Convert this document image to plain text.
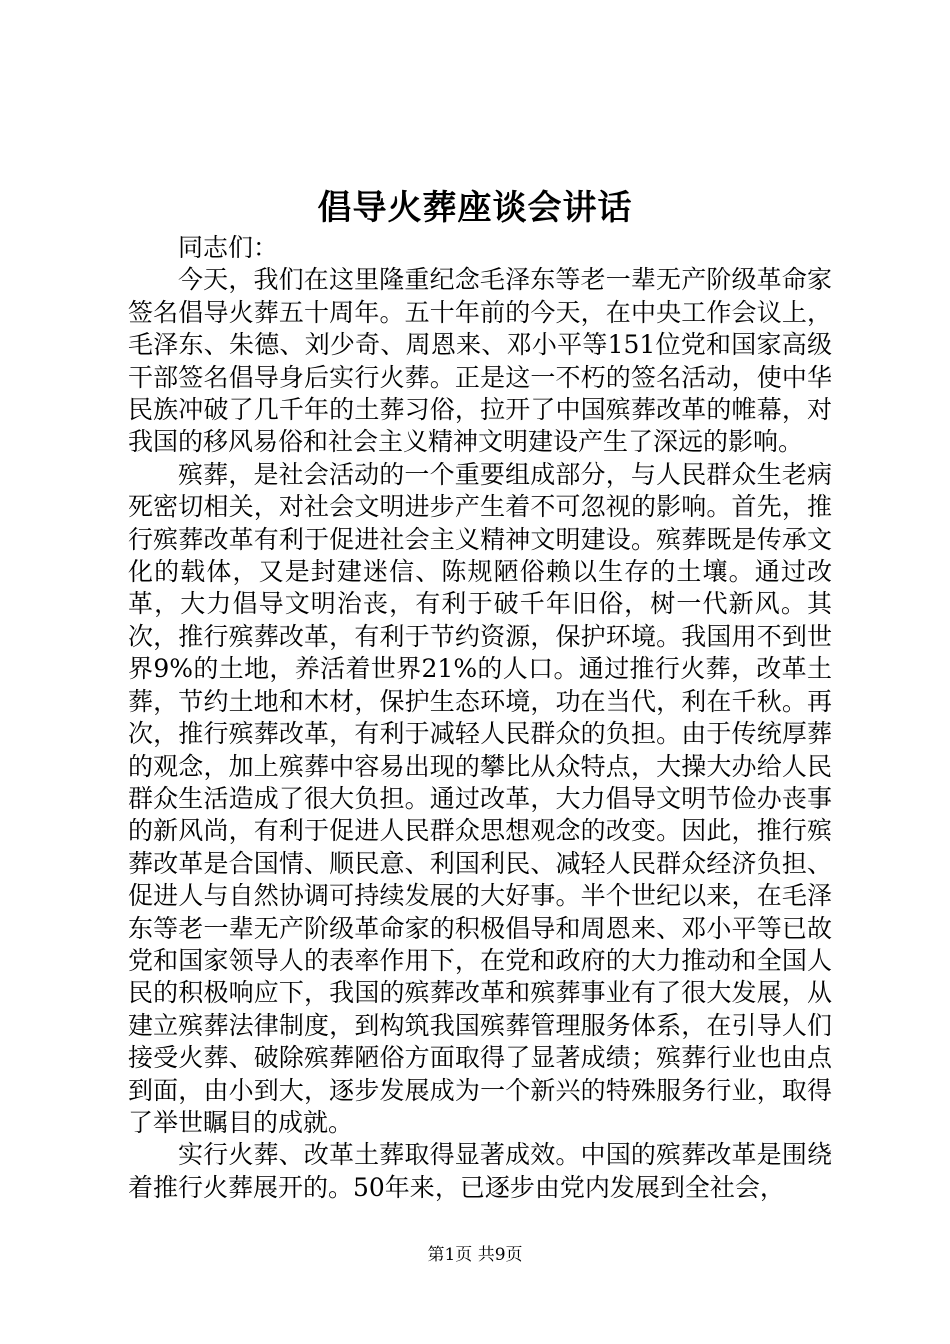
倡导火葬座谈会讲话

同志们：

今天，我们在这里隆重纪念毛泽东等老一辈无产阶级革命家签名倡导火葬五十周年。五十年前的今天，在中央工作会议上，毛泽东、朱德、刘少奇、周恩来、邓小平等151位党和国家高级干部签名倡导身后实行火葬。正是这一不朽的签名活动，使中华民族冲破了几千年的土葬习俗，拉开了中国殡葬改革的帷幕，对我国的移风易俗和社会主义精神文明建设产生了深远的影响。

殡葬，是社会活动的一个重要组成部分，与人民群众生老病死密切相关，对社会文明进步产生着不可忽视的影响。首先，推行殡葬改革有利于促进社会主义精神文明建设。殡葬既是传承文化的载体，又是封建迷信、陈规陋俗赖以生存的土壤。通过改革，大力倡导文明治丧，有利于破千年旧俗，树一代新风。其次，推行殡葬改革，有利于节约资源，保护环境。我国用不到世界9%的土地，养活着世界21%的人口。通过推行火葬，改革土葬，节约土地和木材，保护生态环境，功在当代，利在千秋。再次，推行殡葬改革，有利于减轻人民群众的负担。由于传统厚葬的观念，加上殡葬中容易出现的攀比从众特点，大操大办给人民群众生活造成了很大负担。通过改革，大力倡导文明节俭办丧事的新风尚，有利于促进人民群众思想观念的改变。因此，推行殡葬改革是合国情、顺民意、利国利民、减轻人民群众经济负担、促进人与自然协调可持续发展的大好事。半个世纪以来，在毛泽东等老一辈无产阶级革命家的积极倡导和周恩来、邓小平等已故党和国家领导人的表率作用下，在党和政府的大力推动和全国人民的积极响应下，我国的殡葬改革和殡葬事业有了很大发展，从建立殡葬法律制度，到构筑我国殡葬管理服务体系，在引导人们接受火葬、破除殡葬陋俗方面取得了显著成绩；殡葬行业也由点到面，由小到大，逐步发展成为一个新兴的特殊服务行业，取得了举世瞩目的成就。

实行火葬、改革土葬取得显著成效。中国的殡葬改革是围绕着推行火葬展开的。50年来，已逐步由党内发展到全社会，

第1页 共9页
